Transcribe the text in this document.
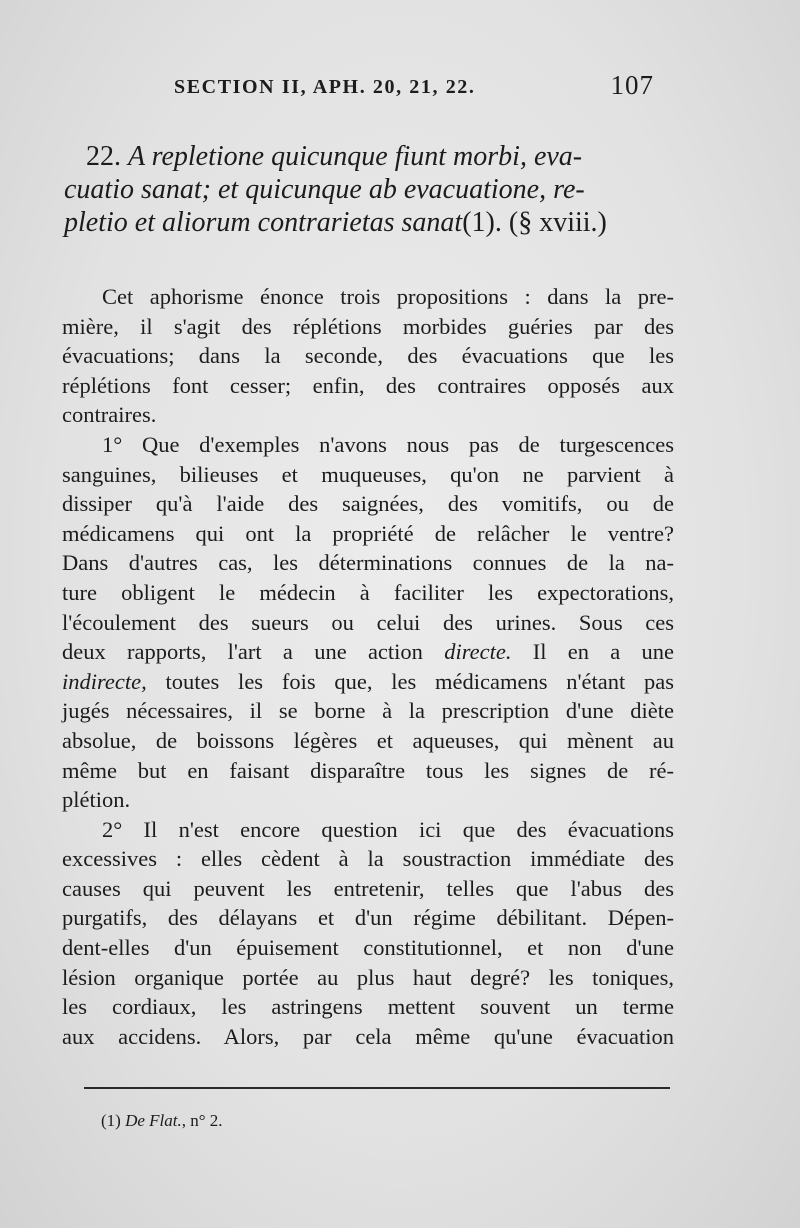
SECTION II, APH. 20, 21, 22.	107
22. A repletione quicunque fiunt morbi, eva-
cuatio sanat; et quicunque ab evacuatione, re-
pletio et aliorum contrarietas sanat(1). (§ xviii.)
Cet aphorisme énonce trois propositions : dans la pre-
mière, il s'agit des réplétions morbides guéries par des
évacuations; dans la seconde, des évacuations que les
réplétions font cesser; enfin, des contraires opposés aux
contraires.
1° Que d'exemples n'avons nous pas de turgescences
sanguines, bilieuses et muqueuses, qu'on ne parvient à
dissiper qu'à l'aide des saignées, des vomitifs, ou de
médicamens qui ont la propriété de relâcher le ventre?
Dans d'autres cas, les déterminations connues de la na-
ture obligent le médecin à faciliter les expectorations,
l'écoulement des sueurs ou celui des urines. Sous ces
deux rapports, l'art a une action directe. Il en a une
indirecte, toutes les fois que, les médicamens n'étant pas
jugés nécessaires, il se borne à la prescription d'une diète
absolue, de boissons légères et aqueuses, qui mènent au
même but en faisant disparaître tous les signes de ré-
plétion.
2° Il n'est encore question ici que des évacuations
excessives : elles cèdent à la soustraction immédiate des
causes qui peuvent les entretenir, telles que l'abus des
purgatifs, des délayans et d'un régime débilitant. Dépen-
dent-elles d'un épuisement constitutionnel, et non d'une
lésion organique portée au plus haut degré? les toniques,
les cordiaux, les astringens mettent souvent un terme
aux accidens. Alors, par cela même qu'une évacuation
(1) De Flat., n° 2.
